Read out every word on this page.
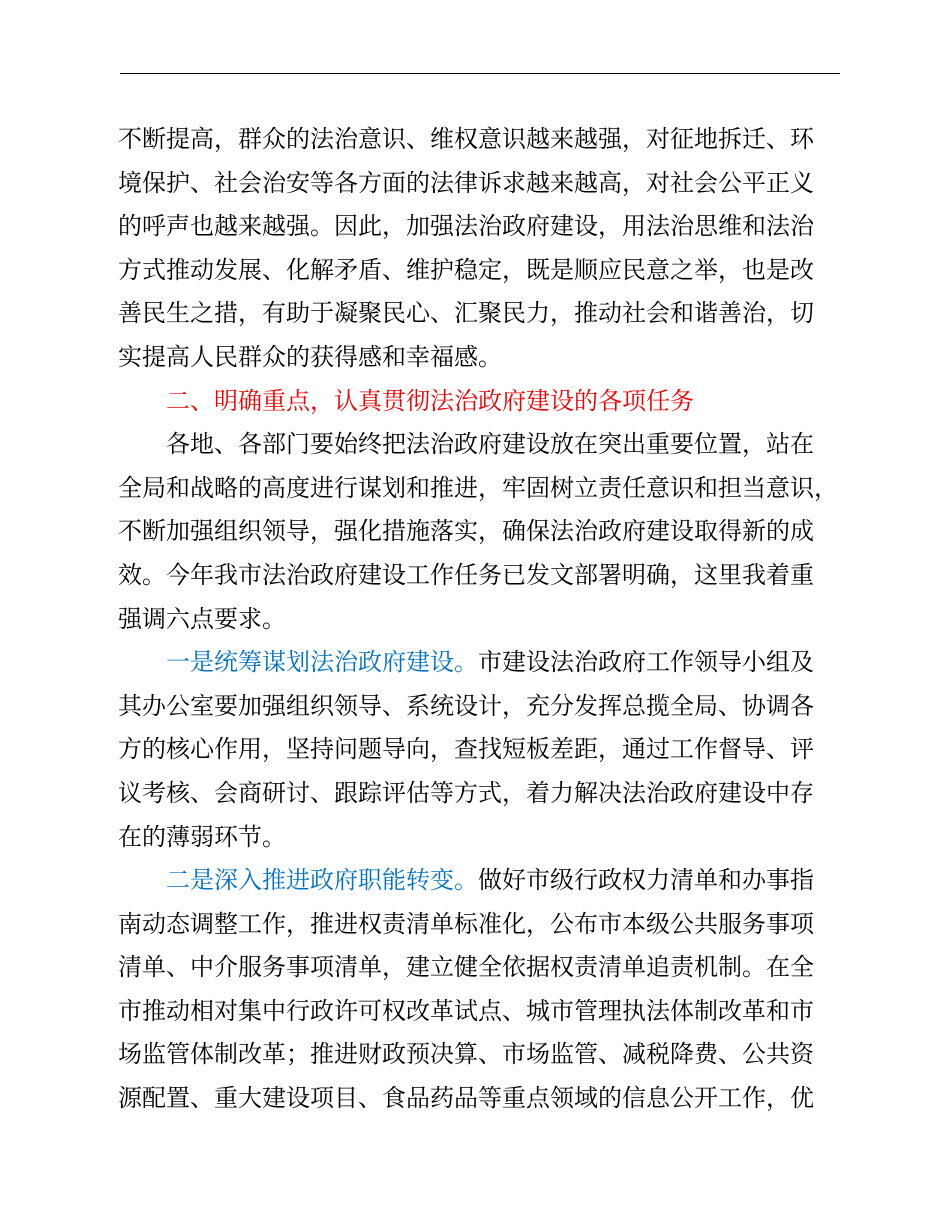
不断提高，群众的法治意识、维权意识越来越强，对征地拆迁、环
境保护、社会治安等各方面的法律诉求越来越高，对社会公平正义
的呼声也越来越强。因此，加强法治政府建设，用法治思维和法治
方式推动发展、化解矛盾、维护稳定，既是顺应民意之举，也是改
善民生之措，有助于凝聚民心、汇聚民力，推动社会和谐善治，切
实提高人民群众的获得感和幸福感。
二、明确重点，认真贯彻法治政府建设的各项任务
各地、各部门要始终把法治政府建设放在突出重要位置，站在
全局和战略的高度进行谋划和推进，牢固树立责任意识和担当意识，
不断加强组织领导，强化措施落实，确保法治政府建设取得新的成
效。今年我市法治政府建设工作任务已发文部署明确，这里我着重
强调六点要求。
一是统筹谋划法治政府建设。市建设法治政府工作领导小组及
其办公室要加强组织领导、系统设计，充分发挥总揽全局、协调各
方的核心作用，坚持问题导向，查找短板差距，通过工作督导、评
议考核、会商研讨、跟踪评估等方式，着力解决法治政府建设中存
在的薄弱环节。
二是深入推进政府职能转变。做好市级行政权力清单和办事指
南动态调整工作，推进权责清单标准化，公布市本级公共服务事项
清单、中介服务事项清单，建立健全依据权责清单追责机制。在全
市推动相对集中行政许可权改革试点、城市管理执法体制改革和市
场监管体制改革；推进财政预决算、市场监管、减税降费、公共资
源配置、重大建设项目、食品药品等重点领域的信息公开工作，优
